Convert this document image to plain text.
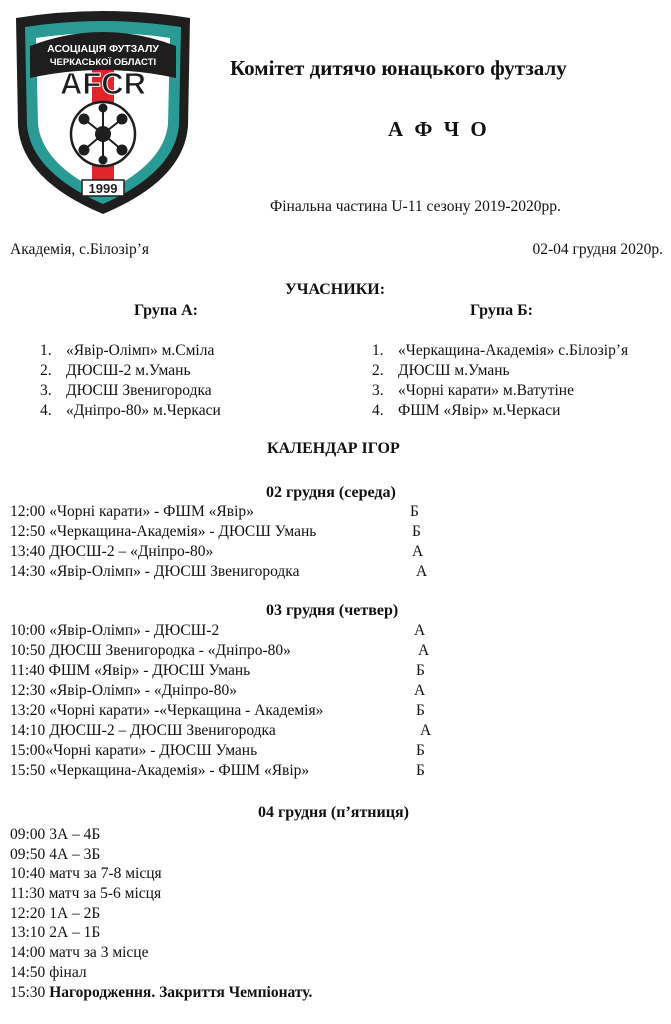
АСОЦІАЦІЯ ФУТЗАЛУ
ЧЕРКАСЬКОЇ ОБЛАСТІ
AFCR
1999
Комітет дитячо юнацького футзалу
А Ф Ч О
Фінальна частина U-11 сезону 2019-2020рр.
Академія, с.Білозір’я	02-04 грудня 2020р.
УЧАСНИКИ:
Група А:	Група Б:
1. «Явір-Олімп» м.Сміла
2. ДЮСШ-2 м.Умань
3. ДЮСШ Звенигородка
4. «Дніпро-80» м.Черкаси
1. «Черкащина-Академія» с.Білозір’я
2. ДЮСШ м.Умань
3. «Чорні карати» м.Ватутіне
4. ФШМ «Явір» м.Черкаси
КАЛЕНДАР ІГОР
02 грудня (середа)
12:00 «Чорні карати» - ФШМ «Явір»	Б
12:50 «Черкащина-Академія» - ДЮСШ Умань	Б
13:40 ДЮСШ-2 – «Дніпро-80»	А
14:30 «Явір-Олімп» - ДЮСШ Звенигородка	А
03 грудня (четвер)
10:00 «Явір-Олімп» - ДЮСШ-2	А
10:50 ДЮСШ Звенигородка - «Дніпро-80»	А
11:40 ФШМ «Явір» - ДЮСШ Умань	Б
12:30 «Явір-Олімп» - «Дніпро-80»	А
13:20 «Чорні карати» -«Черкащина - Академія»	Б
14:10 ДЮСШ-2 – ДЮСШ Звенигородка	А
15:00«Чорні карати» - ДЮСШ Умань	Б
15:50 «Черкащина-Академія» - ФШМ «Явір»	Б
04 грудня (п’ятниця)
09:00 3А – 4Б
09:50 4А – 3Б
10:40 матч за 7-8 місця
11:30 матч за 5-6 місця
12:20 1А – 2Б
13:10 2А – 1Б
14:00 матч за 3 місце
14:50 фінал
15:30 Нагородження. Закриття Чемпіонату.
